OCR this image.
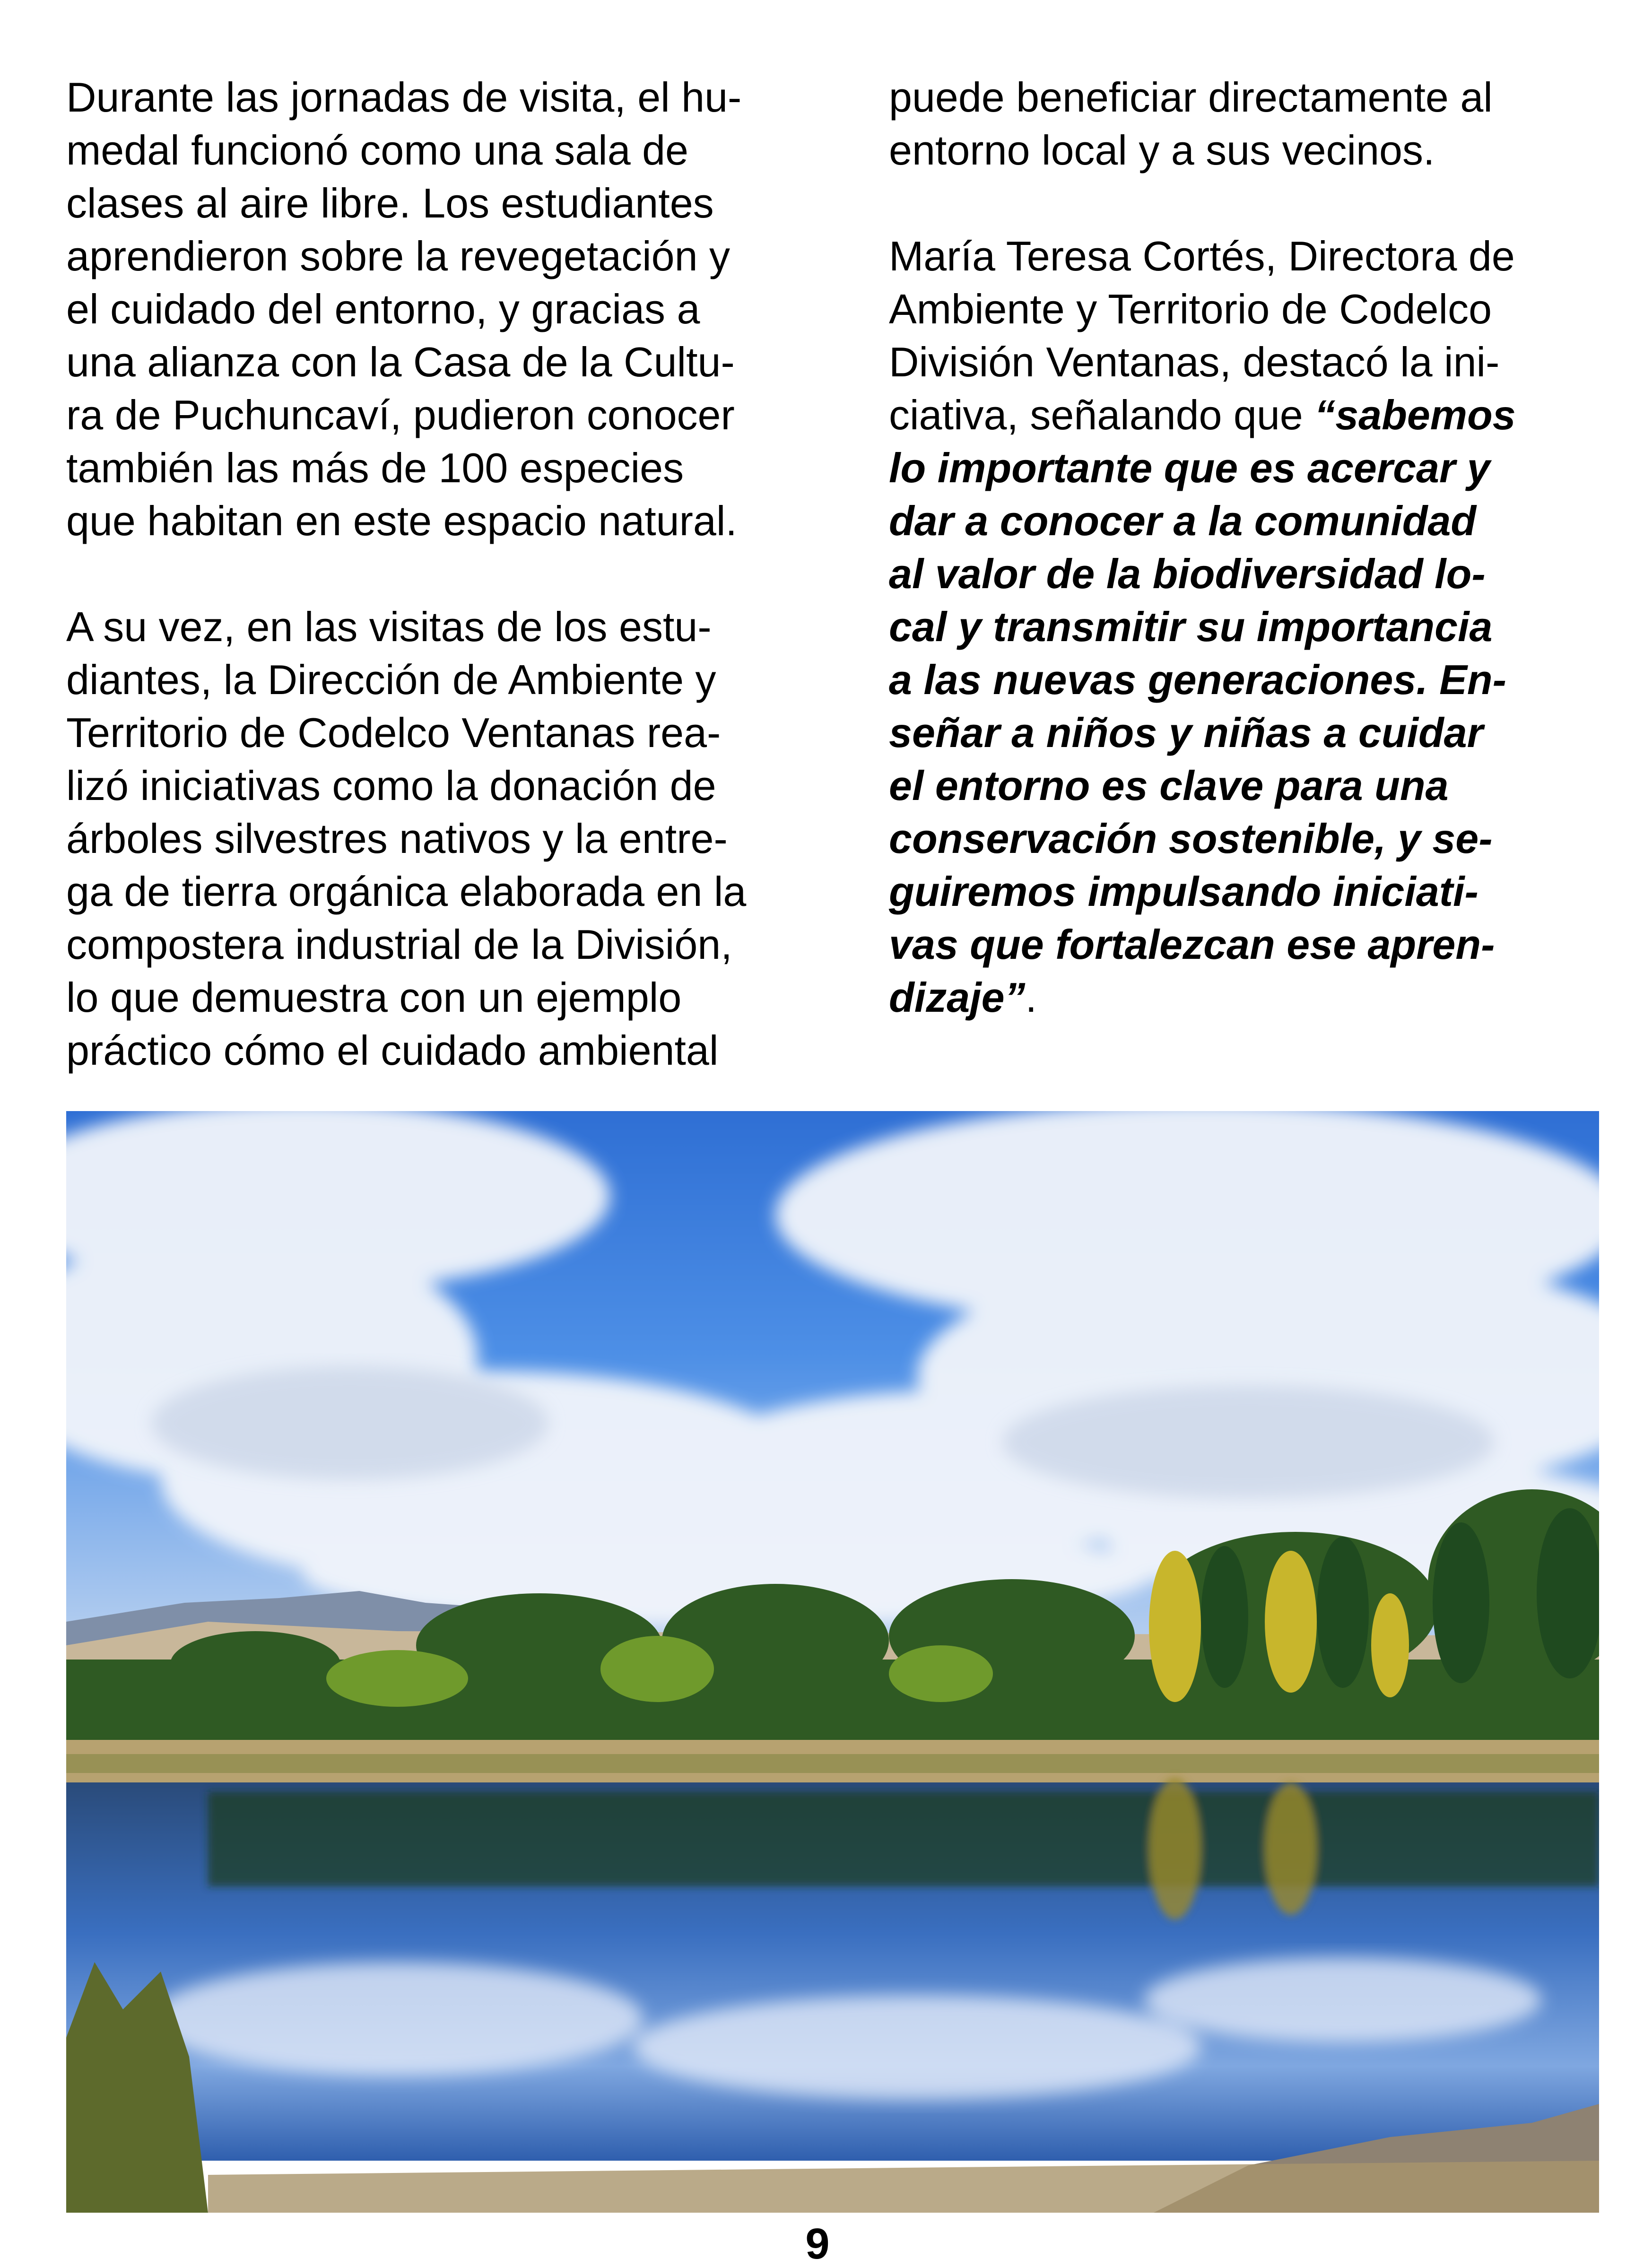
Durante las jornadas de visita, el hu-
medal funcionó como una sala de
clases al aire libre. Los estudiantes
aprendieron sobre la revegetación y
el cuidado del entorno, y gracias a
una alianza con la Casa de la Cultu-
ra de Puchuncaví, pudieron conocer
también las más de 100 especies
que habitan en este espacio natural.

A su vez, en las visitas de los estu-
diantes, la Dirección de Ambiente y
Territorio de Codelco Ventanas rea-
lizó iniciativas como la donación de
árboles silvestres nativos y la entre-
ga de tierra orgánica elaborada en la
compostera industrial de la División,
lo que demuestra con un ejemplo
práctico cómo el cuidado ambiental
puede beneficiar directamente al
entorno local y a sus vecinos.

María Teresa Cortés, Directora de
Ambiente y Territorio de Codelco
División Ventanas, destacó la ini-
ciativa, señalando que “sabemos
lo importante que es acercar y
dar a conocer a la comunidad
al valor de la biodiversidad lo-
cal y transmitir su importancia
a las nuevas generaciones. En-
señar a niños y niñas a cuidar
el entorno es clave para una
conservación sostenible, y se-
guiremos impulsando iniciati-
vas que fortalezcan ese apren-
dizaje”.
9
